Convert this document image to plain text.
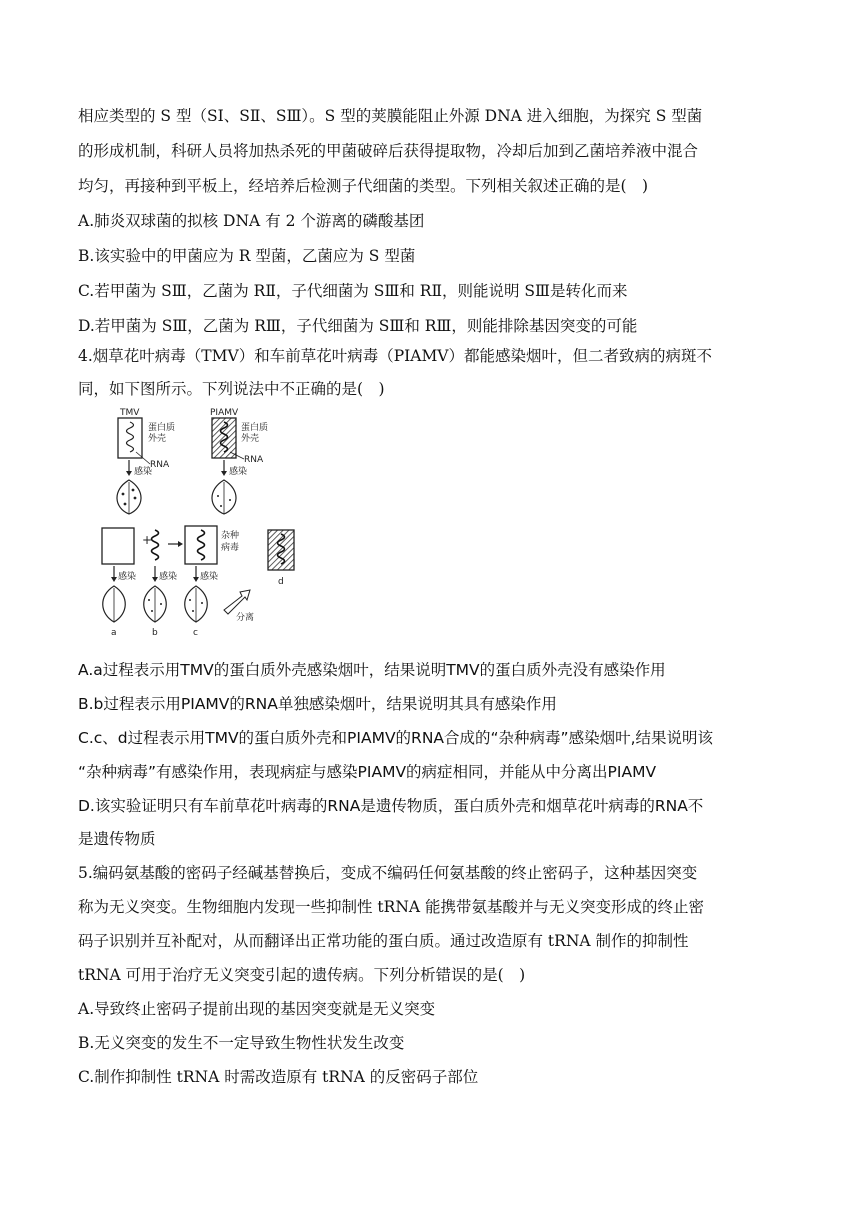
相应类型的 S 型（SⅠ、SⅡ、SⅢ）。S 型的荚膜能阻止外源 DNA 进入细胞，为探究 S 型菌
的形成机制，科研人员将加热杀死的甲菌破碎后获得提取物，冷却后加到乙菌培养液中混合
均匀，再接种到平板上，经培养后检测子代细菌的类型。下列相关叙述正确的是(　)
A.肺炎双球菌的拟核 DNA 有 2 个游离的磷酸基团
B.该实验中的甲菌应为 R 型菌，乙菌应为 S 型菌
C.若甲菌为 SⅢ，乙菌为 RⅡ，子代细菌为 SⅢ和 RⅡ，则能说明 SⅢ是转化而来
D.若甲菌为 SⅢ，乙菌为 RⅢ，子代细菌为 SⅢ和 RⅢ，则能排除基因突变的可能
4.烟草花叶病毒（TMV）和车前草花叶病毒（PIAMV）都能感染烟叶，但二者致病的病斑不
同，如下图所示。下列说法中不正确的是(　)
TMV
蛋白质
外壳
RNA
感染
PIAMV
蛋白质
外壳
RNA
感染
感染
a
+
感染
b
杂种
病毒
感染
c
分离
d
A.a过程表示用TMV的蛋白质外壳感染烟叶，结果说明TMV的蛋白质外壳没有感染作用
B.b过程表示用PIAMV的RNA单独感染烟叶，结果说明其具有感染作用
C.c、d过程表示用TMV的蛋白质外壳和PIAMV的RNA合成的“杂种病毒”感染烟叶,结果说明该
“杂种病毒”有感染作用，表现病症与感染PIAMV的病症相同，并能从中分离出PIAMV
D.该实验证明只有车前草花叶病毒的RNA是遗传物质，蛋白质外壳和烟草花叶病毒的RNA不
是遗传物质
5.编码氨基酸的密码子经碱基替换后，变成不编码任何氨基酸的终止密码子，这种基因突变
称为无义突变。生物细胞内发现一些抑制性 tRNA 能携带氨基酸并与无义突变形成的终止密
码子识别并互补配对，从而翻译出正常功能的蛋白质。通过改造原有 tRNA 制作的抑制性
tRNA 可用于治疗无义突变引起的遗传病。下列分析错误的是(　)
A.导致终止密码子提前出现的基因突变就是无义突变
B.无义突变的发生不一定导致生物性状发生改变
C.制作抑制性 tRNA 时需改造原有 tRNA 的反密码子部位
